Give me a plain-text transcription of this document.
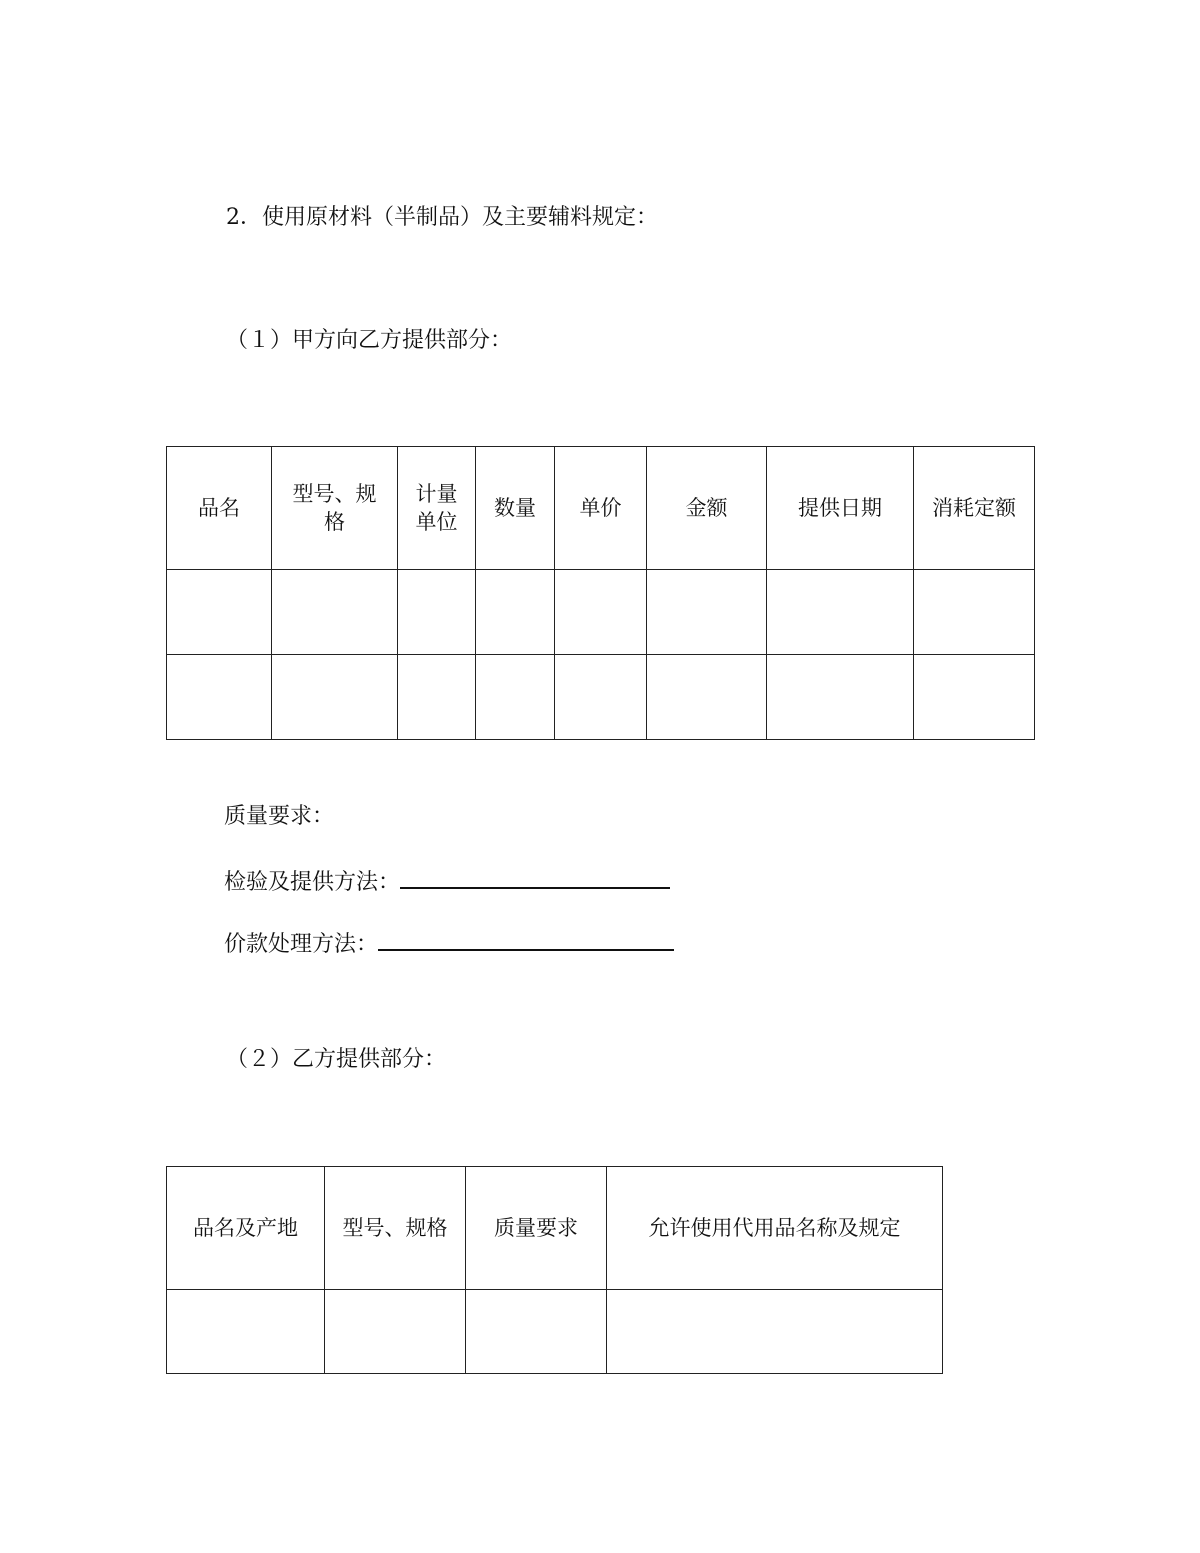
2．使用原材料（半制品）及主要辅料规定：
（１）甲方向乙方提供部分：
品名	型号、规格	计量单位	数量	单价	金额	提供日期	消耗定额

质量要求：
检验及提供方法：
价款处理方法：
（２）乙方提供部分：
品名及产地	型号、规格	质量要求	允许使用代用品名称及规定
